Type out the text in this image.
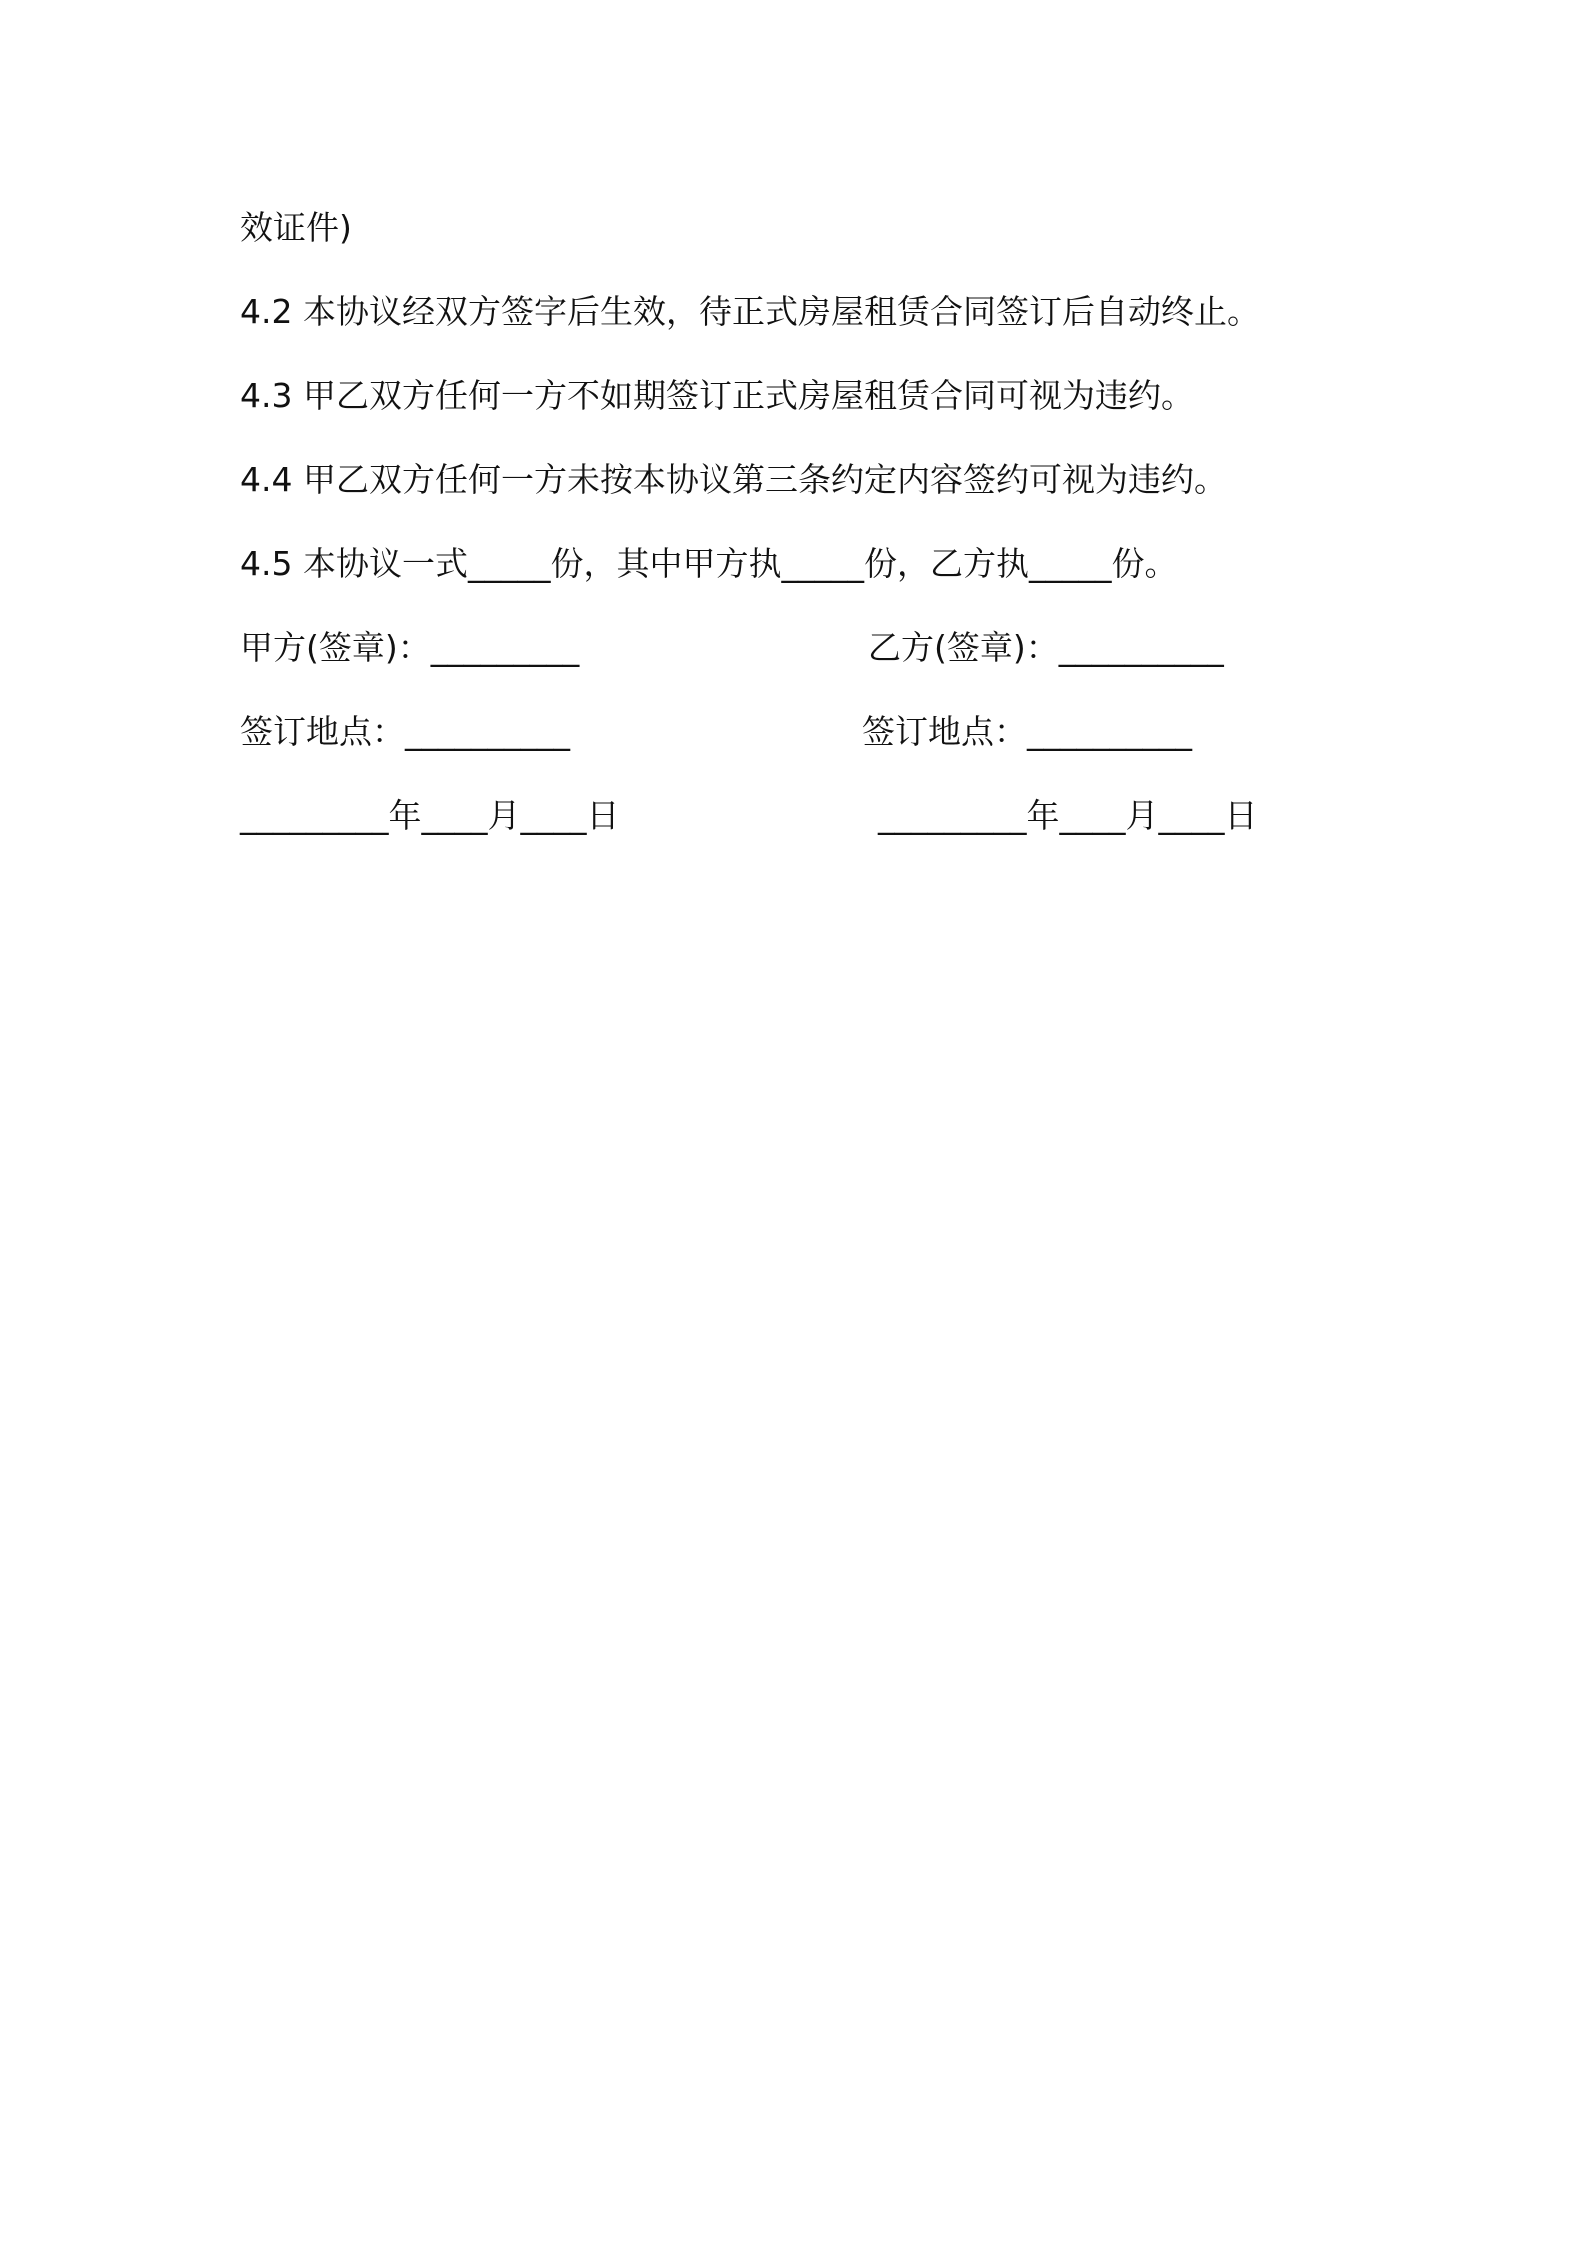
效证件)
4.2 本协议经双方签字后生效，待正式房屋租赁合同签订后自动终止。
4.3 甲乙双方任何一方不如期签订正式房屋租赁合同可视为违约。
4.4 甲乙双方任何一方未按本协议第三条约定内容签约可视为违约。
4.5 本协议一式_____份，其中甲方执_____份，乙方执_____份。
甲方(签章)：_________	乙方(签章)：__________
签订地点：__________	签订地点：__________
_________年____月____日	_________年____月____日
